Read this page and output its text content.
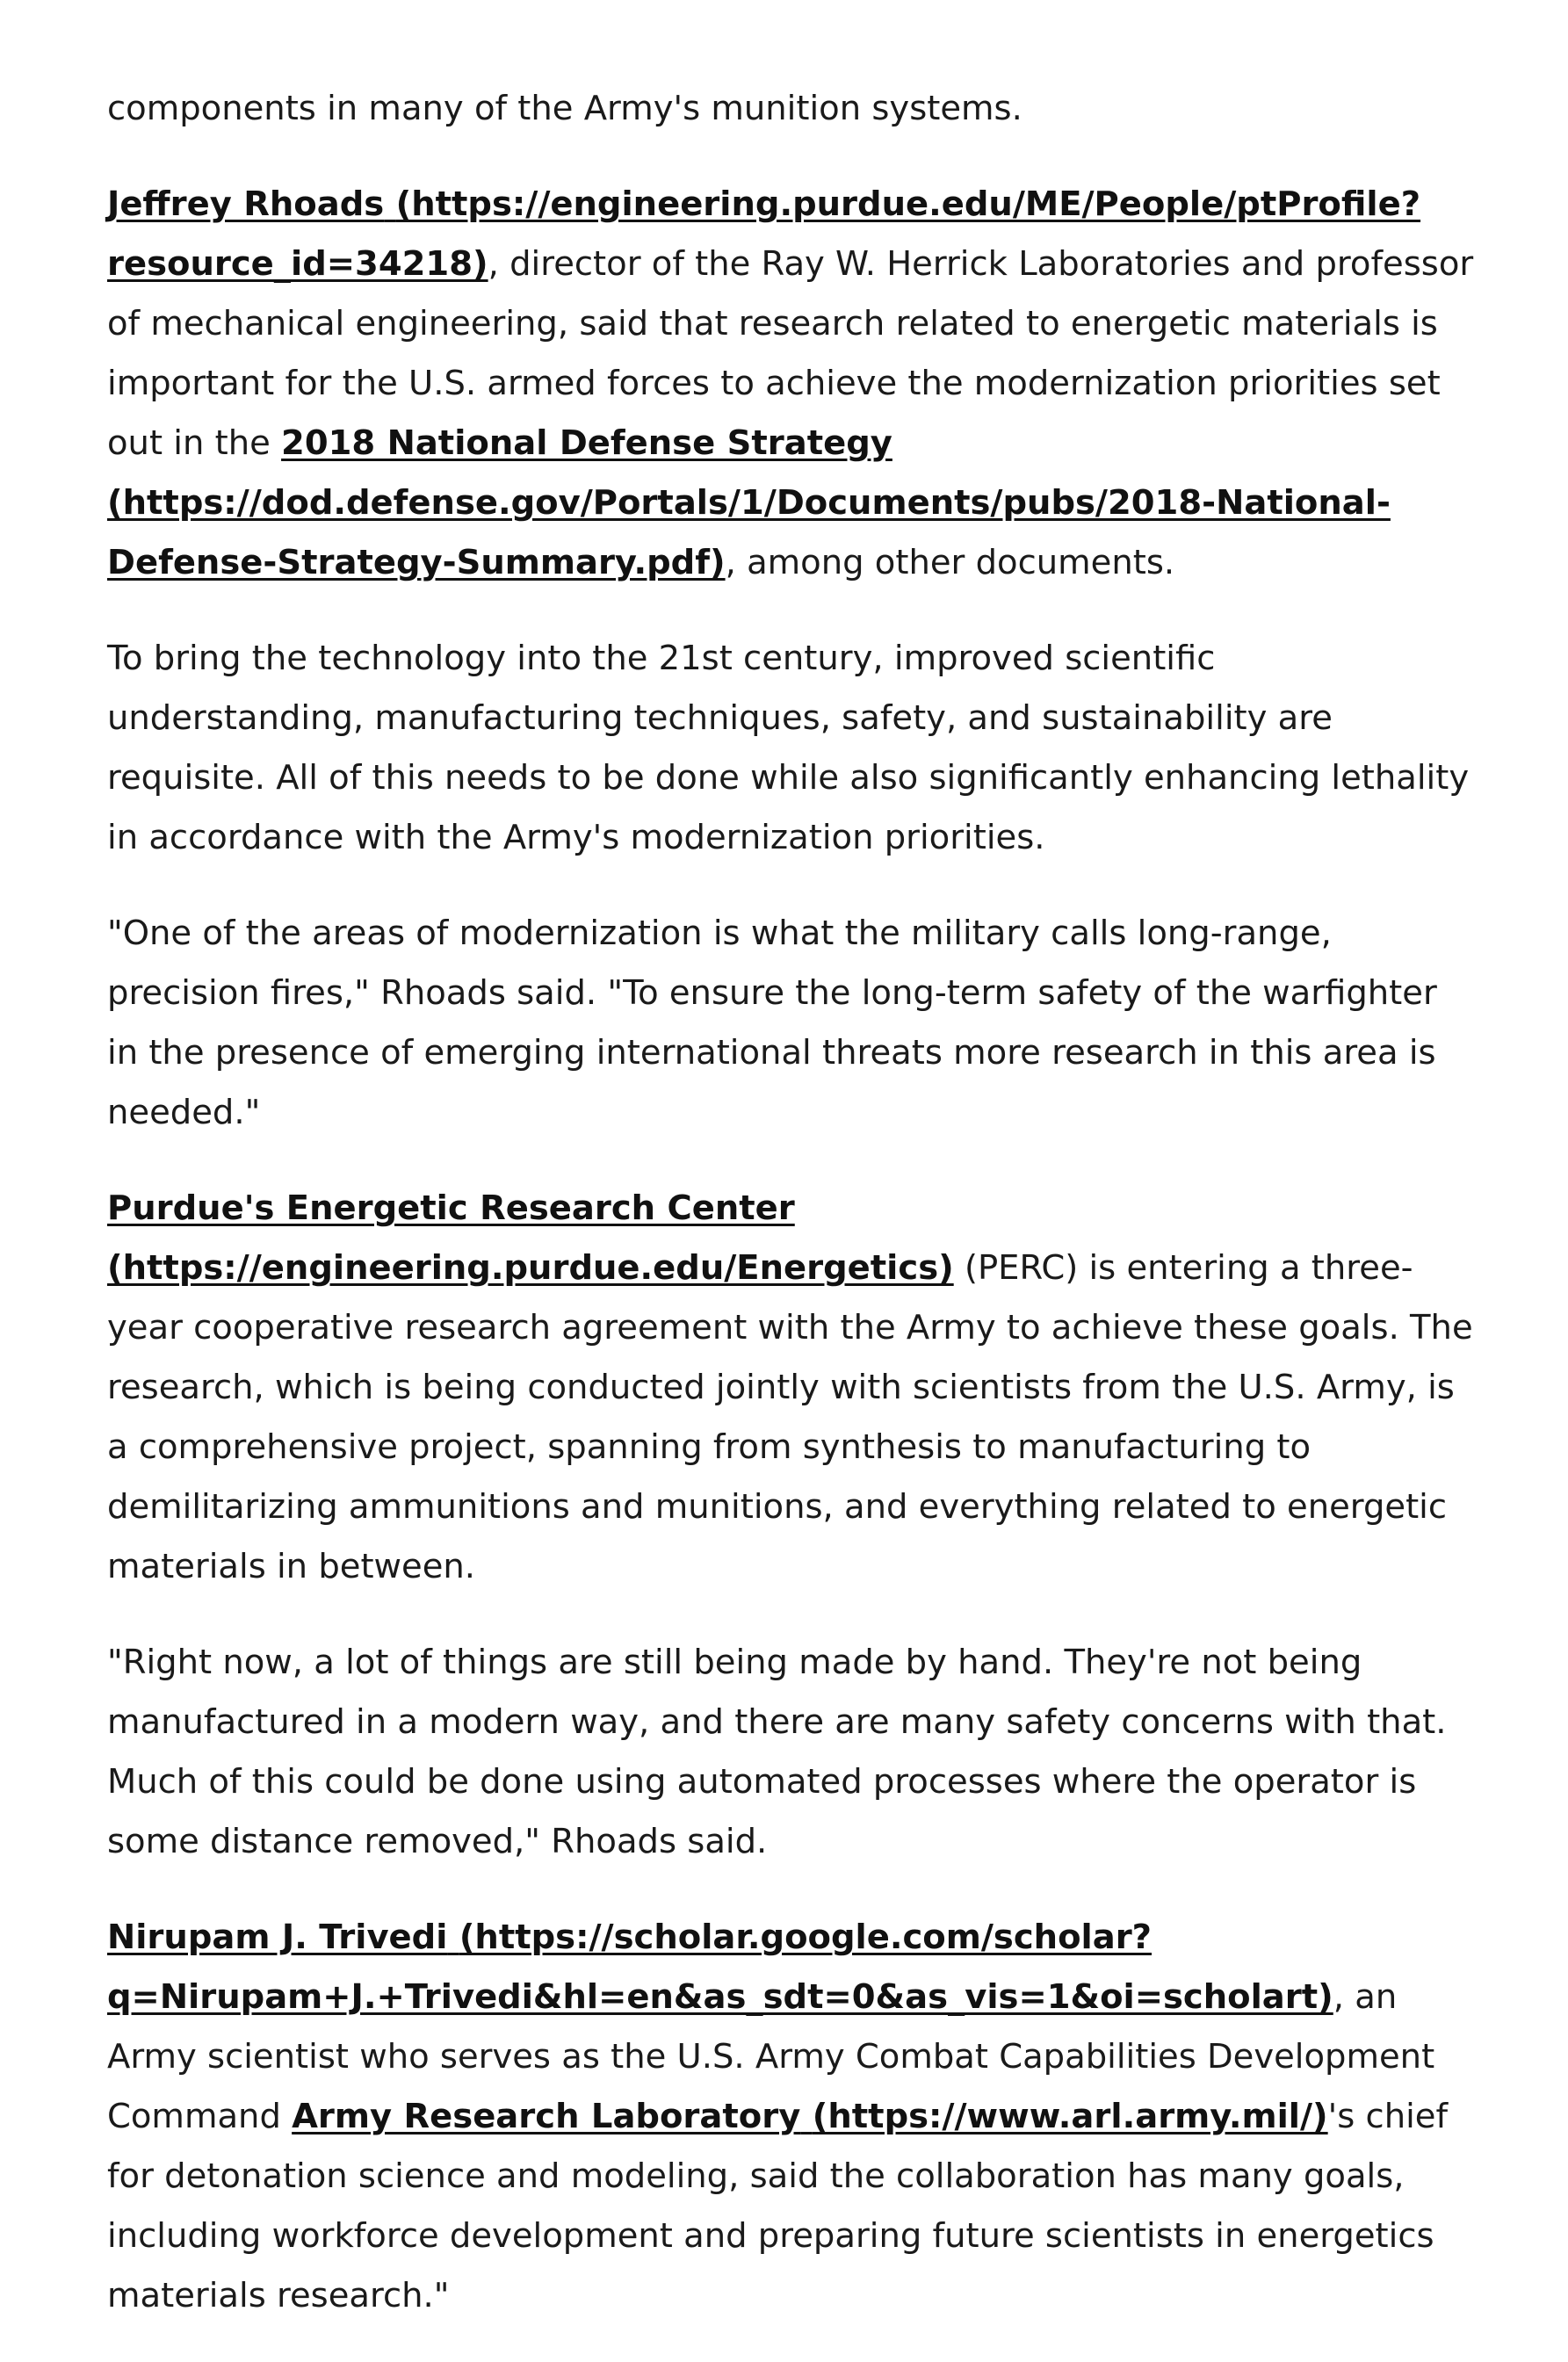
components in many of the Army's munition systems.

Jeffrey Rhoads (https://engineering.purdue.edu/ME/People/ptProfile?resource_id=34218), director of the Ray W. Herrick Laboratories and professor of mechanical engineering, said that research related to energetic materials is important for the U.S. armed forces to achieve the modernization priorities set out in the 2018 National Defense Strategy (https://dod.defense.gov/Portals/1/Documents/pubs/2018-National-Defense-Strategy-Summary.pdf), among other documents.

To bring the technology into the 21st century, improved scientific understanding, manufacturing techniques, safety, and sustainability are requisite. All of this needs to be done while also significantly enhancing lethality in accordance with the Army's modernization priorities.

"One of the areas of modernization is what the military calls long-range, precision fires," Rhoads said. "To ensure the long-term safety of the warfighter in the presence of emerging international threats more research in this area is needed."

Purdue's Energetic Research Center (https://engineering.purdue.edu/Energetics) (PERC) is entering a three-year cooperative research agreement with the Army to achieve these goals. The research, which is being conducted jointly with scientists from the U.S. Army, is a comprehensive project, spanning from synthesis to manufacturing to demilitarizing ammunitions and munitions, and everything related to energetic materials in between.

"Right now, a lot of things are still being made by hand. They're not being manufactured in a modern way, and there are many safety concerns with that. Much of this could be done using automated processes where the operator is some distance removed," Rhoads said.

Nirupam J. Trivedi (https://scholar.google.com/scholar?q=Nirupam+J.+Trivedi&hl=en&as_sdt=0&as_vis=1&oi=scholart), an Army scientist who serves as the U.S. Army Combat Capabilities Development Command Army Research Laboratory (https://www.arl.army.mil/)'s chief for detonation science and modeling, said the collaboration has many goals, including workforce development and preparing future scientists in energetics materials research."
